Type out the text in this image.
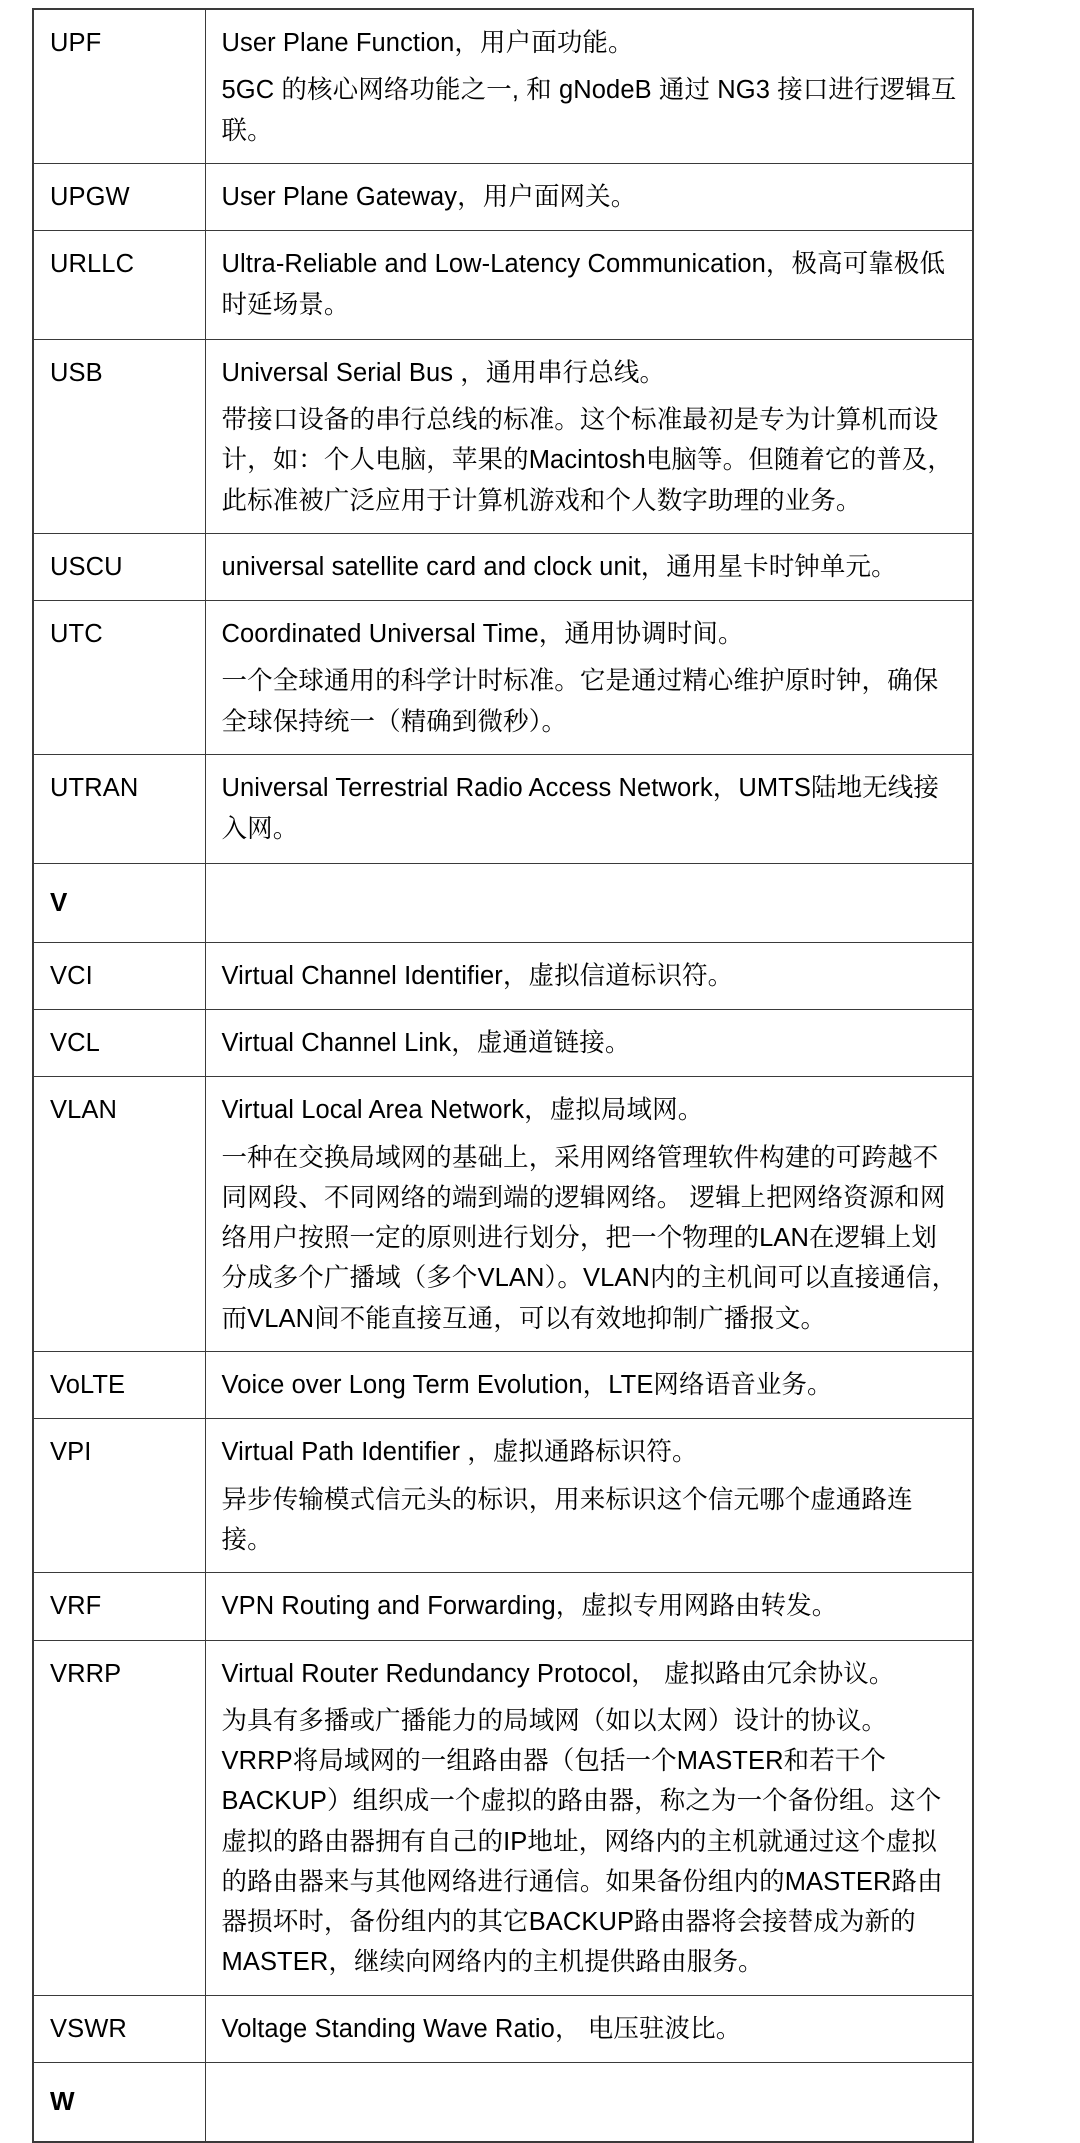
UPF	User Plane Function，用户面功能。

5GC 的核心网络功能之一, 和 gNodeB 通过 NG3 接口进行逻辑互联。

UPGW	User Plane Gateway，用户面网关。

URLLC	Ultra-Reliable and Low-Latency Communication，极高可靠极低时延场景。

USB	Universal Serial Bus ，通用串行总线。

带接口设备的串行总线的标准。这个标准最初是专为计算机而设计，如：个人电脑，苹果的Macintosh电脑等。但随着它的普及，此标准被广泛应用于计算机游戏和个人数字助理的业务。

USCU	universal satellite card and clock unit，通用星卡时钟单元。

UTC	Coordinated Universal Time，通用协调时间。

一个全球通用的科学计时标准。它是通过精心维护原时钟，确保全球保持统一（精确到微秒）。

UTRAN	Universal Terrestrial Radio Access Network，UMTS陆地无线接入网。

V	
VCI	Virtual Channel Identifier，虚拟信道标识符。

VCL	Virtual Channel Link，虚通道链接。

VLAN	Virtual Local Area Network，虚拟局域网。

一种在交换局域网的基础上，采用网络管理软件构建的可跨越不同网段、不同网络的端到端的逻辑网络。 逻辑上把网络资源和网络用户按照一定的原则进行划分，把一个物理的LAN在逻辑上划分成多个广播域（多个VLAN）。VLAN内的主机间可以直接通信，而VLAN间不能直接互通，可以有效地抑制广播报文。

VoLTE	Voice over Long Term Evolution，LTE网络语音业务。

VPI	Virtual Path Identifier ，虚拟通路标识符。

异步传输模式信元头的标识，用来标识这个信元哪个虚通路连接。

VRF	VPN Routing and Forwarding，虚拟专用网路由转发。

VRRP	Virtual Router Redundancy Protocol， 虚拟路由冗余协议。

为具有多播或广播能力的局域网（如以太网）设计的协议。VRRP将局域网的一组路由器（包括一个MASTER和若干个BACKUP）组织成一个虚拟的路由器，称之为一个备份组。这个虚拟的路由器拥有自己的IP地址，网络内的主机就通过这个虚拟的路由器来与其他网络进行通信。如果备份组内的MASTER路由器损坏时，备份组内的其它BACKUP路由器将会接替成为新的MASTER，继续向网络内的主机提供路由服务。

VSWR	Voltage Standing Wave Ratio， 电压驻波比。

W	
